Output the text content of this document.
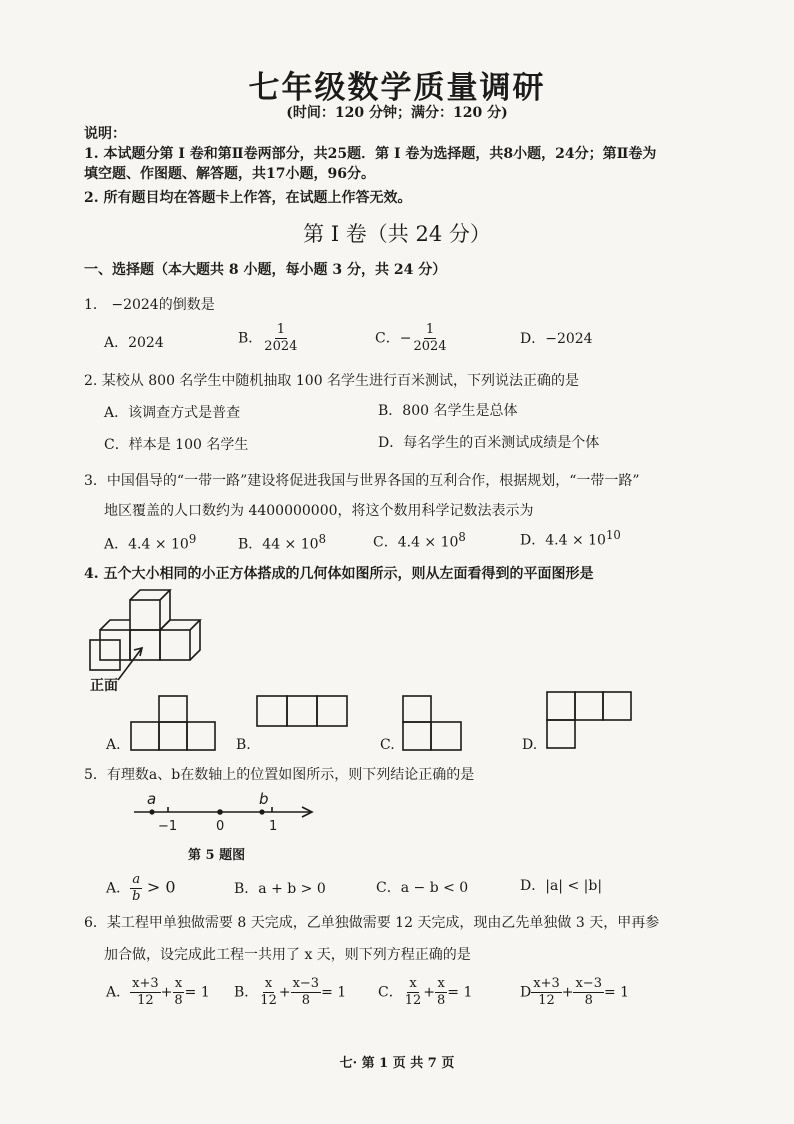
七年级数学质量调研
(时间：120 分钟；满分：120 分)
说明：
1. 本试题分第 I 卷和第Ⅱ卷两部分，共25题．第 I 卷为选择题，共8小题，24分；第Ⅱ卷为
填空题、作图题、解答题，共17小题，96分。
2. 所有题目均在答题卡上作答，在试题上作答无效。
第 I 卷（共 24 分）
一、选择题（本大题共 8 小题，每小题 3 分，共 24 分）
1． −2024的倒数是
A．2024	B． $\frac{1}{2024}$	C．− $\frac{1}{2024}$	D．−2024
2. 某校从 800 名学生中随机抽取 100 名学生进行百米测试，下列说法正确的是
A．该调查方式是普查	B．800 名学生是总体
C．样本是 100 名学生	D．每名学生的百米测试成绩是个体
3．中国倡导的“一带一路”建设将促进我国与世界各国的互利合作，根据规划，“一带一路”
地区覆盖的人口数约为 4400000000，将这个数用科学记数法表示为
A．$4.4 \times 10^9$	B．$44 \times 10^8$	C．$4.4 \times 10^8$	D．$4.4 \times 10^{10}$
4. 五个大小相同的小正方体搭成的几何体如图所示，则从左面看得到的平面图形是
正面
A.	B.	C.	D.
5．有理数a、b在数轴上的位置如图所示，则下列结论正确的是
a	b
−1	0	1
第 5 题图
A． $\frac{a}{b} > 0$	B．a + b > 0	C．a − b < 0	D．|a| < |b|
6．某工程甲单独做需要 8 天完成，乙单独做需要 12 天完成，现由乙先单独做 3 天，甲再参
加合做，设完成此工程一共用了 x 天，则下列方程正确的是
A． $\frac{x+3}{12} + \frac{x}{8} = 1$ B． $\frac{x}{12} + \frac{x-3}{8} = 1$ C． $\frac{x}{12} + \frac{x}{8} = 1$	D $\frac{x+3}{12} + \frac{x-3}{8} = 1$
七· 第 1 页 共 7 页
